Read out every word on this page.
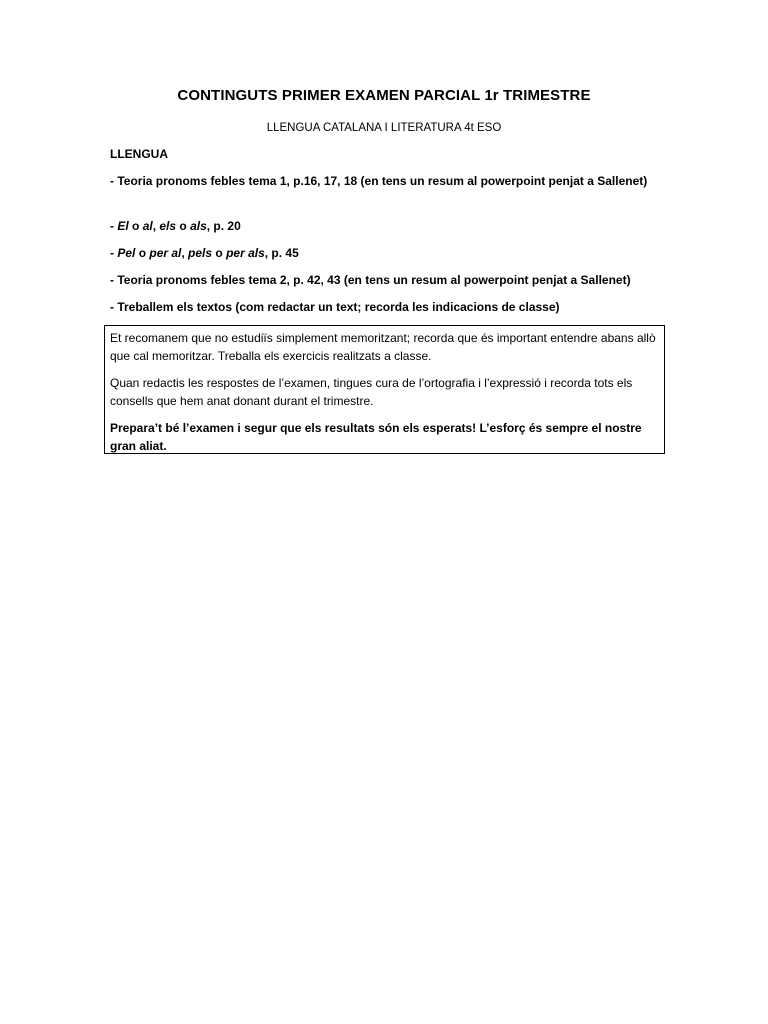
CONTINGUTS PRIMER EXAMEN PARCIAL 1r TRIMESTRE
LLENGUA CATALANA I LITERATURA 4t ESO
LLENGUA
- Teoria pronoms febles tema 1, p.16, 17, 18 (en tens un resum al powerpoint penjat a Sallenet)
- El o al, els o als, p. 20
- Pel o per al, pels o per als, p. 45
- Teoria pronoms febles tema 2, p. 42, 43 (en tens un resum al powerpoint penjat a Sallenet)
- Treballem els textos (com redactar un text; recorda les indicacions de classe)

Et recomanem que no estudiïs simplement memoritzant; recorda que és important entendre abans allò que cal memoritzar. Treballa els exercicis realitzats a classe.

Quan redactis les respostes de l’examen, tingues cura de l’ortografia i l’expressió i recorda tots els consells que hem anat donant durant el trimestre.

Prepara’t bé l’examen i segur que els resultats són els esperats! L’esforç és sempre el nostre gran aliat.
